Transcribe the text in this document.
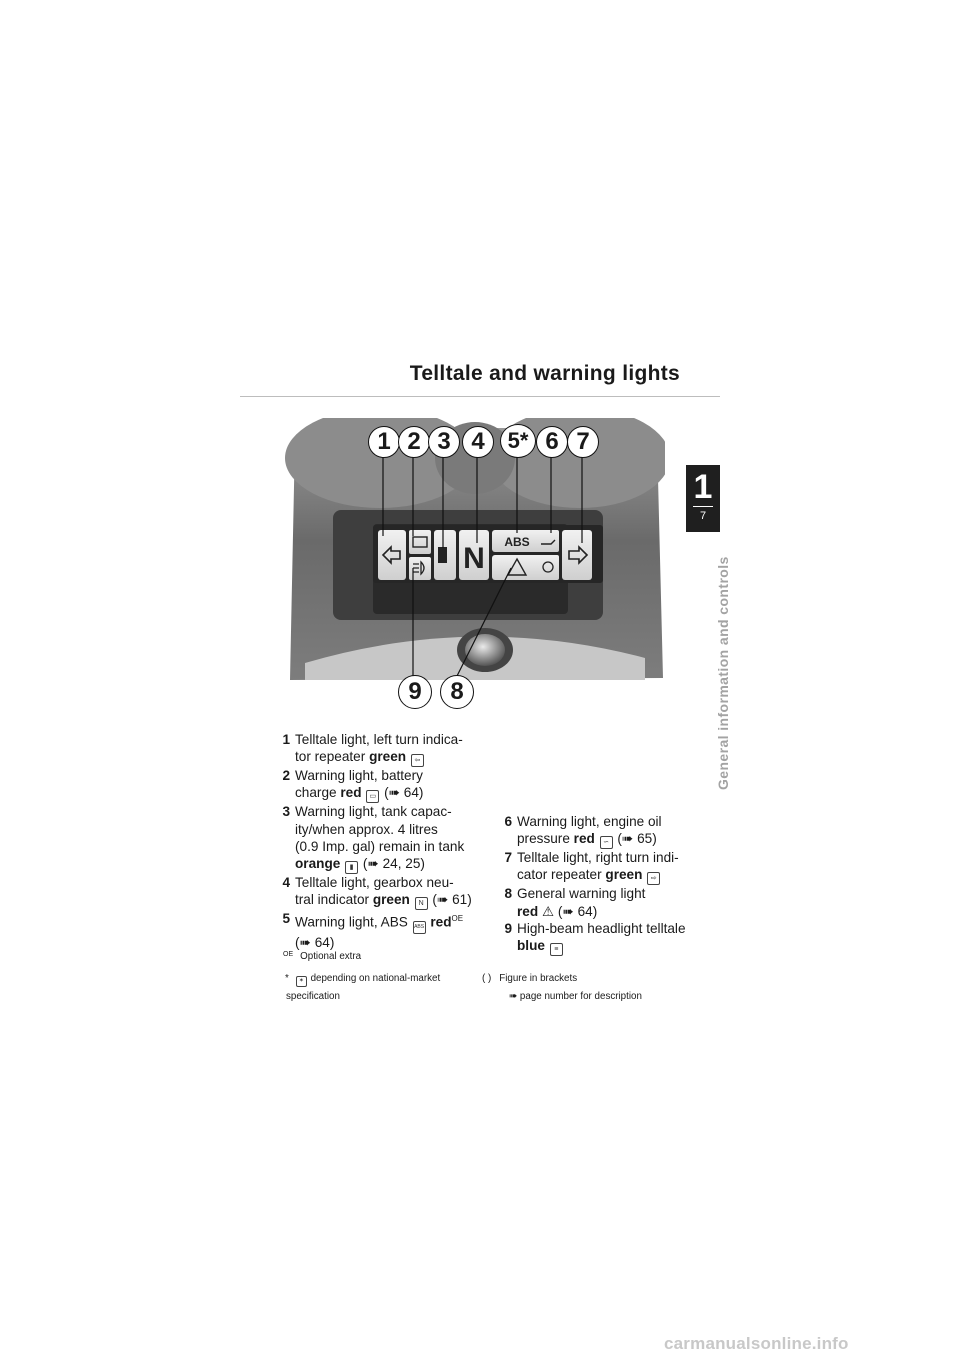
Telltale and warning lights
1
7
General information and controls
N ABS
1 2 3 4	5* 6 7
9	8
1 Telltale light, left turn indica-
tor repeater green ⇦
2 Warning light, battery
charge red ▭ (➠ 64)
3 Warning light, tank capac-
ity/when approx. 4 litres
(0.9 Imp. gal) remain in tank
orange ▮ (➠ 24, 25)
4 Telltale light, gearbox neu-
tral indicator green N (➠ 61)
5 Warning light, ABS ABS red$^{OE}$
(➠ 64)
6 Warning light, engine oil
pressure red ∽ (➠ 65)
7 Telltale light, right turn indi-
cator repeater green ⇨
8 General warning light
red ⚠ (➠ 64)
9 High-beam headlight telltale
blue ≡
$^{OE}$ Optional extra
* ✶ depending on national-market
specification
( ) Figure in brackets
➠ page number for description
carmanualsonline.info
